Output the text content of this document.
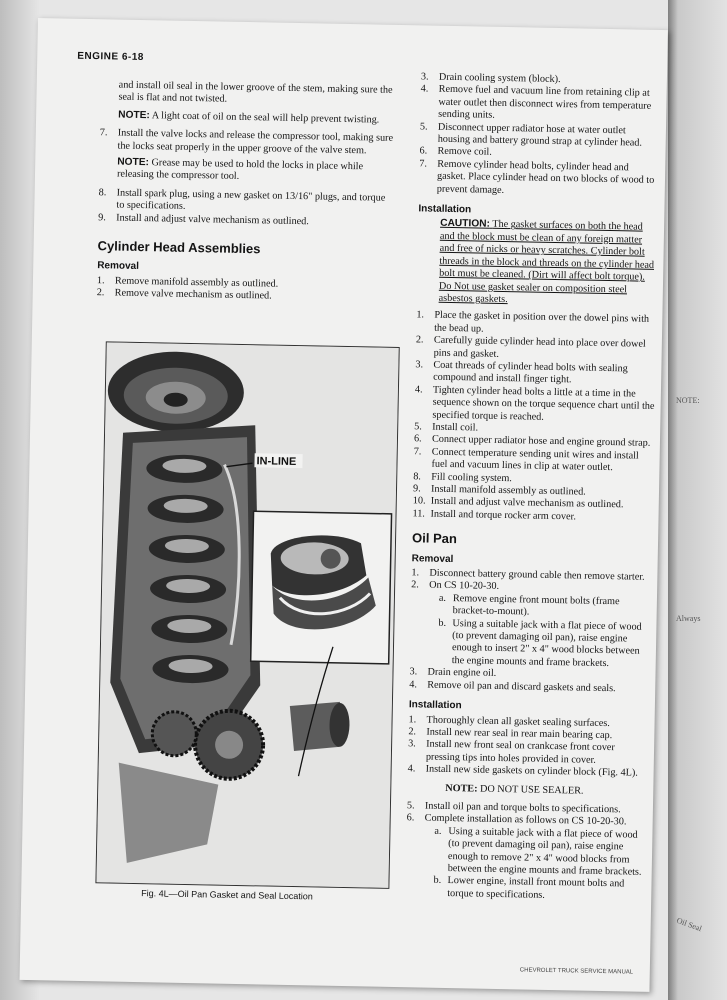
NOTE:
Always
Oil Seal
ENGINE 6-18

and install oil seal in the lower groove of the stem, making sure the seal is flat and not twisted.

NOTE: A light coat of oil on the seal will help prevent twisting.
7. Install the valve locks and release the compressor tool, making sure the locks seat properly in the upper groove of the valve stem.
NOTE: Grease may be used to hold the locks in place while releasing the compressor tool.
8. Install spark plug, using a new gasket on 13/16" plugs, and torque to specifications.
9. Install and adjust valve mechanism as outlined.
Cylinder Head Assemblies
Removal
1. Remove manifold assembly as outlined.
2. Remove valve mechanism as outlined.
IN-LINE
Fig. 4L—Oil Pan Gasket and Seal Location
3. Drain cooling system (block).
4. Remove fuel and vacuum line from retaining clip at water outlet then disconnect wires from temperature sending units.
5. Disconnect upper radiator hose at water outlet housing and battery ground strap at cylinder head.
6. Remove coil.
7. Remove cylinder head bolts, cylinder head and gasket. Place cylinder head on two blocks of wood to prevent damage.
Installation
CAUTION: The gasket surfaces on both the head and the block must be clean of any foreign matter and free of nicks or heavy scratches. Cylinder bolt threads in the block and threads on the cylinder head bolt must be cleaned. (Dirt will affect bolt torque). Do Not use gasket sealer on composition steel asbestos gaskets.
1. Place the gasket in position over the dowel pins with the bead up.
2. Carefully guide cylinder head into place over dowel pins and gasket.
3. Coat threads of cylinder head bolts with sealing compound and install finger tight.
4. Tighten cylinder head bolts a little at a time in the sequence shown on the torque sequence chart until the specified torque is reached.
5. Install coil.
6. Connect upper radiator hose and engine ground strap.
7. Connect temperature sending unit wires and install fuel and vacuum lines in clip at water outlet.
8. Fill cooling system.
9. Install manifold assembly as outlined.
10. Install and adjust valve mechanism as outlined.
11. Install and torque rocker arm cover.
Oil Pan
Removal
1. Disconnect battery ground cable then remove starter.
2. On CS 10-20-30.
a. Remove engine front mount bolts (frame bracket-to-mount).
b. Using a suitable jack with a flat piece of wood (to prevent damaging oil pan), raise engine enough to insert 2" x 4" wood blocks between the engine mounts and frame brackets.
3. Drain engine oil.
4. Remove oil pan and discard gaskets and seals.
Installation
1. Thoroughly clean all gasket sealing surfaces.
2. Install new rear seal in rear main bearing cap.
3. Install new front seal on crankcase front cover pressing tips into holes provided in cover.
4. Install new side gaskets on cylinder block (Fig. 4L).
NOTE: DO NOT USE SEALER.
5. Install oil pan and torque bolts to specifications.
6. Complete installation as follows on CS 10-20-30.
a. Using a suitable jack with a flat piece of wood (to prevent damaging oil pan), raise engine enough to remove 2" x 4" wood blocks from between the engine mounts and frame brackets.
b. Lower engine, install front mount bolts and torque to specifications.
CHEVROLET TRUCK SERVICE MANUAL
